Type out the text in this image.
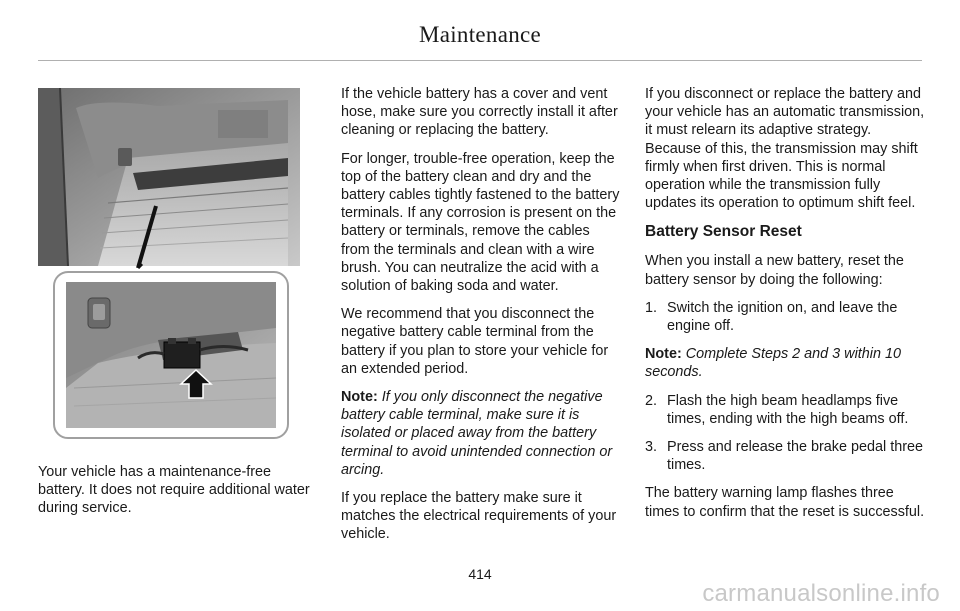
Maintenance

Your vehicle has a maintenance-free battery. It does not require additional water during service.

If the vehicle battery has a cover and vent hose, make sure you correctly install it after cleaning or replacing the battery.

For longer, trouble-free operation, keep the top of the battery clean and dry and the battery cables tightly fastened to the battery terminals. If any corrosion is present on the battery or terminals, remove the cables from the terminals and clean with a wire brush. You can neutralize the acid with a solution of baking soda and water.

We recommend that you disconnect the negative battery cable terminal from the battery if you plan to store your vehicle for an extended period.

Note: If you only disconnect the negative battery cable terminal, make sure it is isolated or placed away from the battery terminal to avoid unintended connection or arcing.

If you replace the battery make sure it matches the electrical requirements of your vehicle.

If you disconnect or replace the battery and your vehicle has an automatic transmission, it must relearn its adaptive strategy. Because of this, the transmission may shift firmly when first driven. This is normal operation while the transmission fully updates its operation to optimum shift feel.

Battery Sensor Reset

When you install a new battery, reset the battery sensor by doing the following:

1. Switch the ignition on, and leave the engine off.

Note: Complete Steps 2 and 3 within 10 seconds.

2. Flash the high beam headlamps five times, ending with the high beams off.
3. Press and release the brake pedal three times.

The battery warning lamp flashes three times to confirm that the reset is successful.

414
carmanualsonline.info
